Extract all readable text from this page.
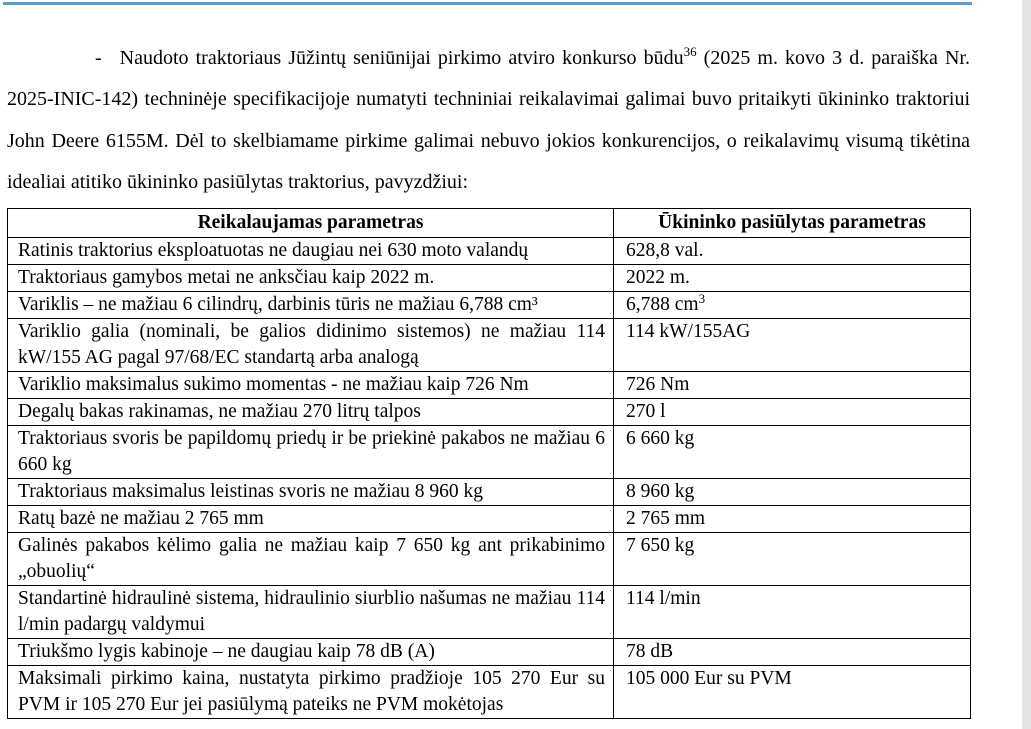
- Naudoto traktoriaus Jūžintų seniūnijai pirkimo atviro konkurso būdu$^{36}$ (2025 m. kovo 3 d. paraiška Nr. 2025-INIC-142) techninėje specifikacijoje numatyti techniniai reikalavimai galimai buvo pritaikyti ūkininko traktoriui John Deere 6155M. Dėl to skelbiamame pirkime galimai nebuvo jokios konkurencijos, o reikalavimų visumą tikėtina idealiai atitiko ūkininko pasiūlytas traktorius, pavyzdžiui:

Reikalaujamas parametras	Ūkininko pasiūlytas parametras
Ratinis traktorius eksploatuotas ne daugiau nei 630 moto valandų	628,8 val.
Traktoriaus gamybos metai ne anksčiau kaip 2022 m.	2022 m.
Variklis – ne mažiau 6 cilindrų, darbinis tūris ne mažiau 6,788 cm³	6,788 $cm^3$
Variklio galia (nominali, be galios didinimo sistemos) ne mažiau 114 kW/155 AG pagal 97/68/EC standartą arba analogą	114 kW/155AG
Variklio maksimalus sukimo momentas - ne mažiau kaip 726 Nm	726 Nm
Degalų bakas rakinamas, ne mažiau 270 litrų talpos	270 l
Traktoriaus svoris be papildomų priedų ir be priekinė pakabos ne mažiau 6 660 kg	6 660 kg
Traktoriaus maksimalus leistinas svoris ne mažiau 8 960 kg	8 960 kg
Ratų bazė ne mažiau 2 765 mm	2 765 mm
Galinės pakabos kėlimo galia ne mažiau kaip 7 650 kg ant prikabinimo „obuolių“	7 650 kg
Standartinė hidraulinė sistema, hidraulinio siurblio našumas ne mažiau 114 l/min padargų valdymui	114 l/min
Triukšmo lygis kabinoje – ne daugiau kaip 78 dB (A)	78 dB
Maksimali pirkimo kaina, nustatyta pirkimo pradžioje 105 270 Eur su PVM ir 105 270 Eur jei pasiūlymą pateiks ne PVM mokėtojas	105 000 Eur su PVM
